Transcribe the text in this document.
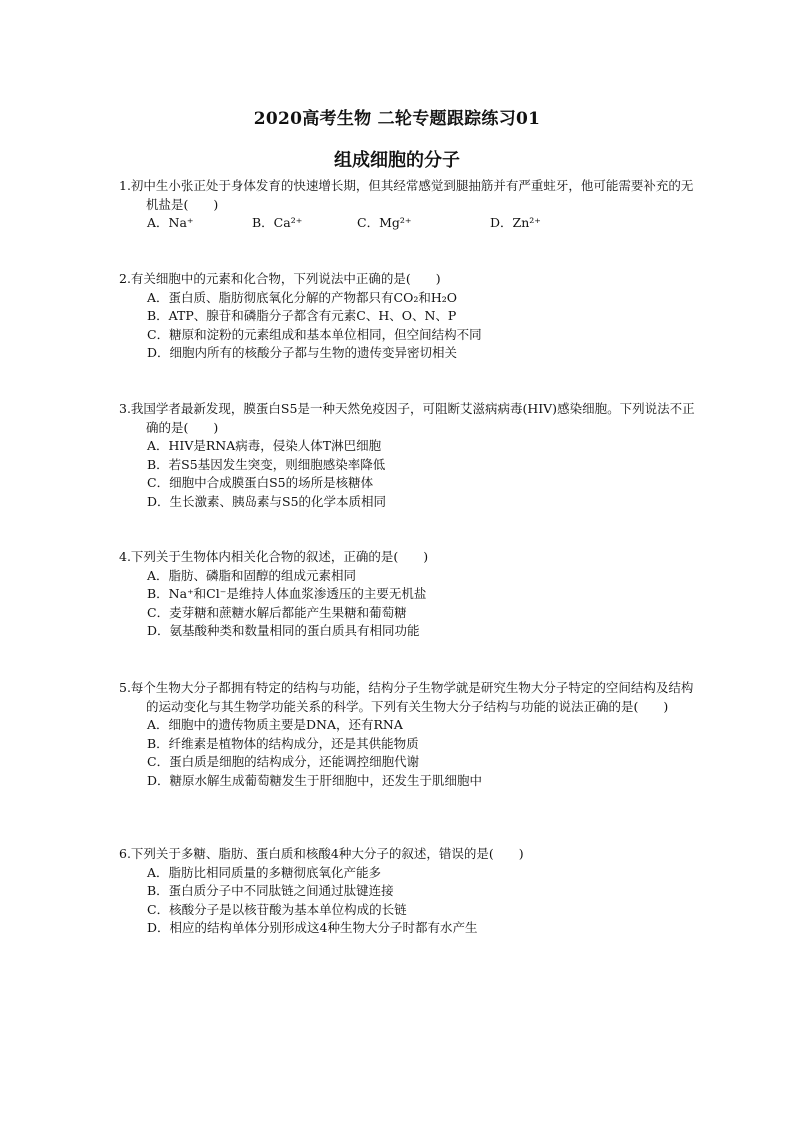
2020高考生物 二轮专题跟踪练习01
组成细胞的分子

1.初中生小张正处于身体发育的快速增长期，但其经常感觉到腿抽筋并有严重蛀牙，他可能需要补充的无机盐是(　　)

A．Na⁺	B．Ca²⁺	C．Mg²⁺	D．Zn²⁺

2.有关细胞中的元素和化合物，下列说法中正确的是(　　)

A．蛋白质、脂肪彻底氧化分解的产物都只有CO₂和H₂O

B．ATP、腺苷和磷脂分子都含有元素C、H、O、N、P

C．糖原和淀粉的元素组成和基本单位相同，但空间结构不同

D．细胞内所有的核酸分子都与生物的遗传变异密切相关

3.我国学者最新发现，膜蛋白S5是一种天然免疫因子，可阻断艾滋病病毒(HIV)感染细胞。下列说法不正确的是(　　)

A．HIV是RNA病毒，侵染人体T淋巴细胞

B．若S5基因发生突变，则细胞感染率降低

C．细胞中合成膜蛋白S5的场所是核糖体

D．生长激素、胰岛素与S5的化学本质相同

4.下列关于生物体内相关化合物的叙述，正确的是(　　)

A．脂肪、磷脂和固醇的组成元素相同

B．Na⁺和Cl⁻是维持人体血浆渗透压的主要无机盐

C．麦芽糖和蔗糖水解后都能产生果糖和葡萄糖

D．氨基酸种类和数量相同的蛋白质具有相同功能

5.每个生物大分子都拥有特定的结构与功能，结构分子生物学就是研究生物大分子特定的空间结构及结构的运动变化与其生物学功能关系的科学。下列有关生物大分子结构与功能的说法正确的是(　　)

A．细胞中的遗传物质主要是DNA，还有RNA

B．纤维素是植物体的结构成分，还是其供能物质

C．蛋白质是细胞的结构成分，还能调控细胞代谢

D．糖原水解生成葡萄糖发生于肝细胞中，还发生于肌细胞中

6.下列关于多糖、脂肪、蛋白质和核酸4种大分子的叙述，错误的是(　　)

A．脂肪比相同质量的多糖彻底氧化产能多

B．蛋白质分子中不同肽链之间通过肽键连接

C．核酸分子是以核苷酸为基本单位构成的长链

D．相应的结构单体分别形成这4种生物大分子时都有水产生
